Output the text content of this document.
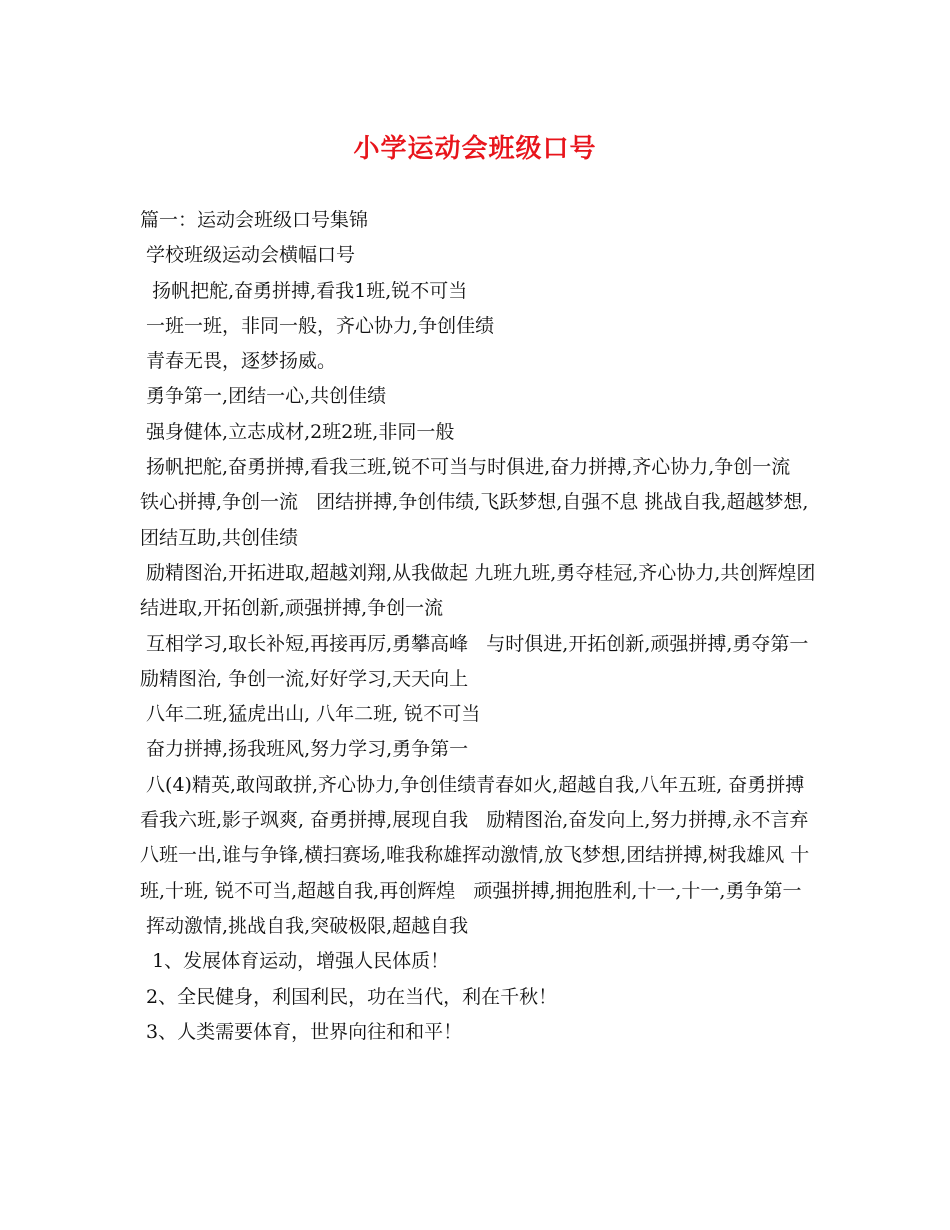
小学运动会班级口号
篇一：运动会班级口号集锦
学校班级运动会横幅口号
扬帆把舵,奋勇拼搏,看我1班,锐不可当
一班一班，非同一般，齐心协力,争创佳绩
青春无畏，逐梦扬威。
勇争第一,团结一心,共创佳绩
强身健体,立志成材,2班2班,非同一般
扬帆把舵,奋勇拼搏,看我三班,锐不可当与时俱进,奋力拼搏,齐心协力,争创一流   铁心拼搏,争创一流   团结拼搏,争创伟绩,飞跃梦想,自强不息 挑战自我,超越梦想,团结互助,共创佳绩
励精图治,开拓进取,超越刘翔,从我做起 九班九班,勇夺桂冠,齐心协力,共创辉煌团结进取,开拓创新,顽强拼搏,争创一流
互相学习,取长补短,再接再厉,勇攀高峰   与时俱进,开拓创新,顽强拼搏,勇夺第一   励精图治, 争创一流,好好学习,天天向上
八年二班,猛虎出山, 八年二班, 锐不可当
奋力拼搏,扬我班风,努力学习,勇争第一
八(4)精英,敢闯敢拼,齐心协力,争创佳绩青春如火,超越自我,八年五班, 奋勇拼搏看我六班,影子飒爽, 奋勇拼搏,展现自我   励精图治,奋发向上,努力拼搏,永不言弃   八班一出,谁与争锋,横扫赛场,唯我称雄挥动激情,放飞梦想,团结拼搏,树我雄风 十班,十班, 锐不可当,超越自我,再创辉煌   顽强拼搏,拥抱胜利,十一,十一,勇争第一
挥动激情,挑战自我,突破极限,超越自我
1、发展体育运动，增强人民体质！
2、全民健身，利国利民，功在当代，利在千秋！
3、人类需要体育，世界向往和和平！
